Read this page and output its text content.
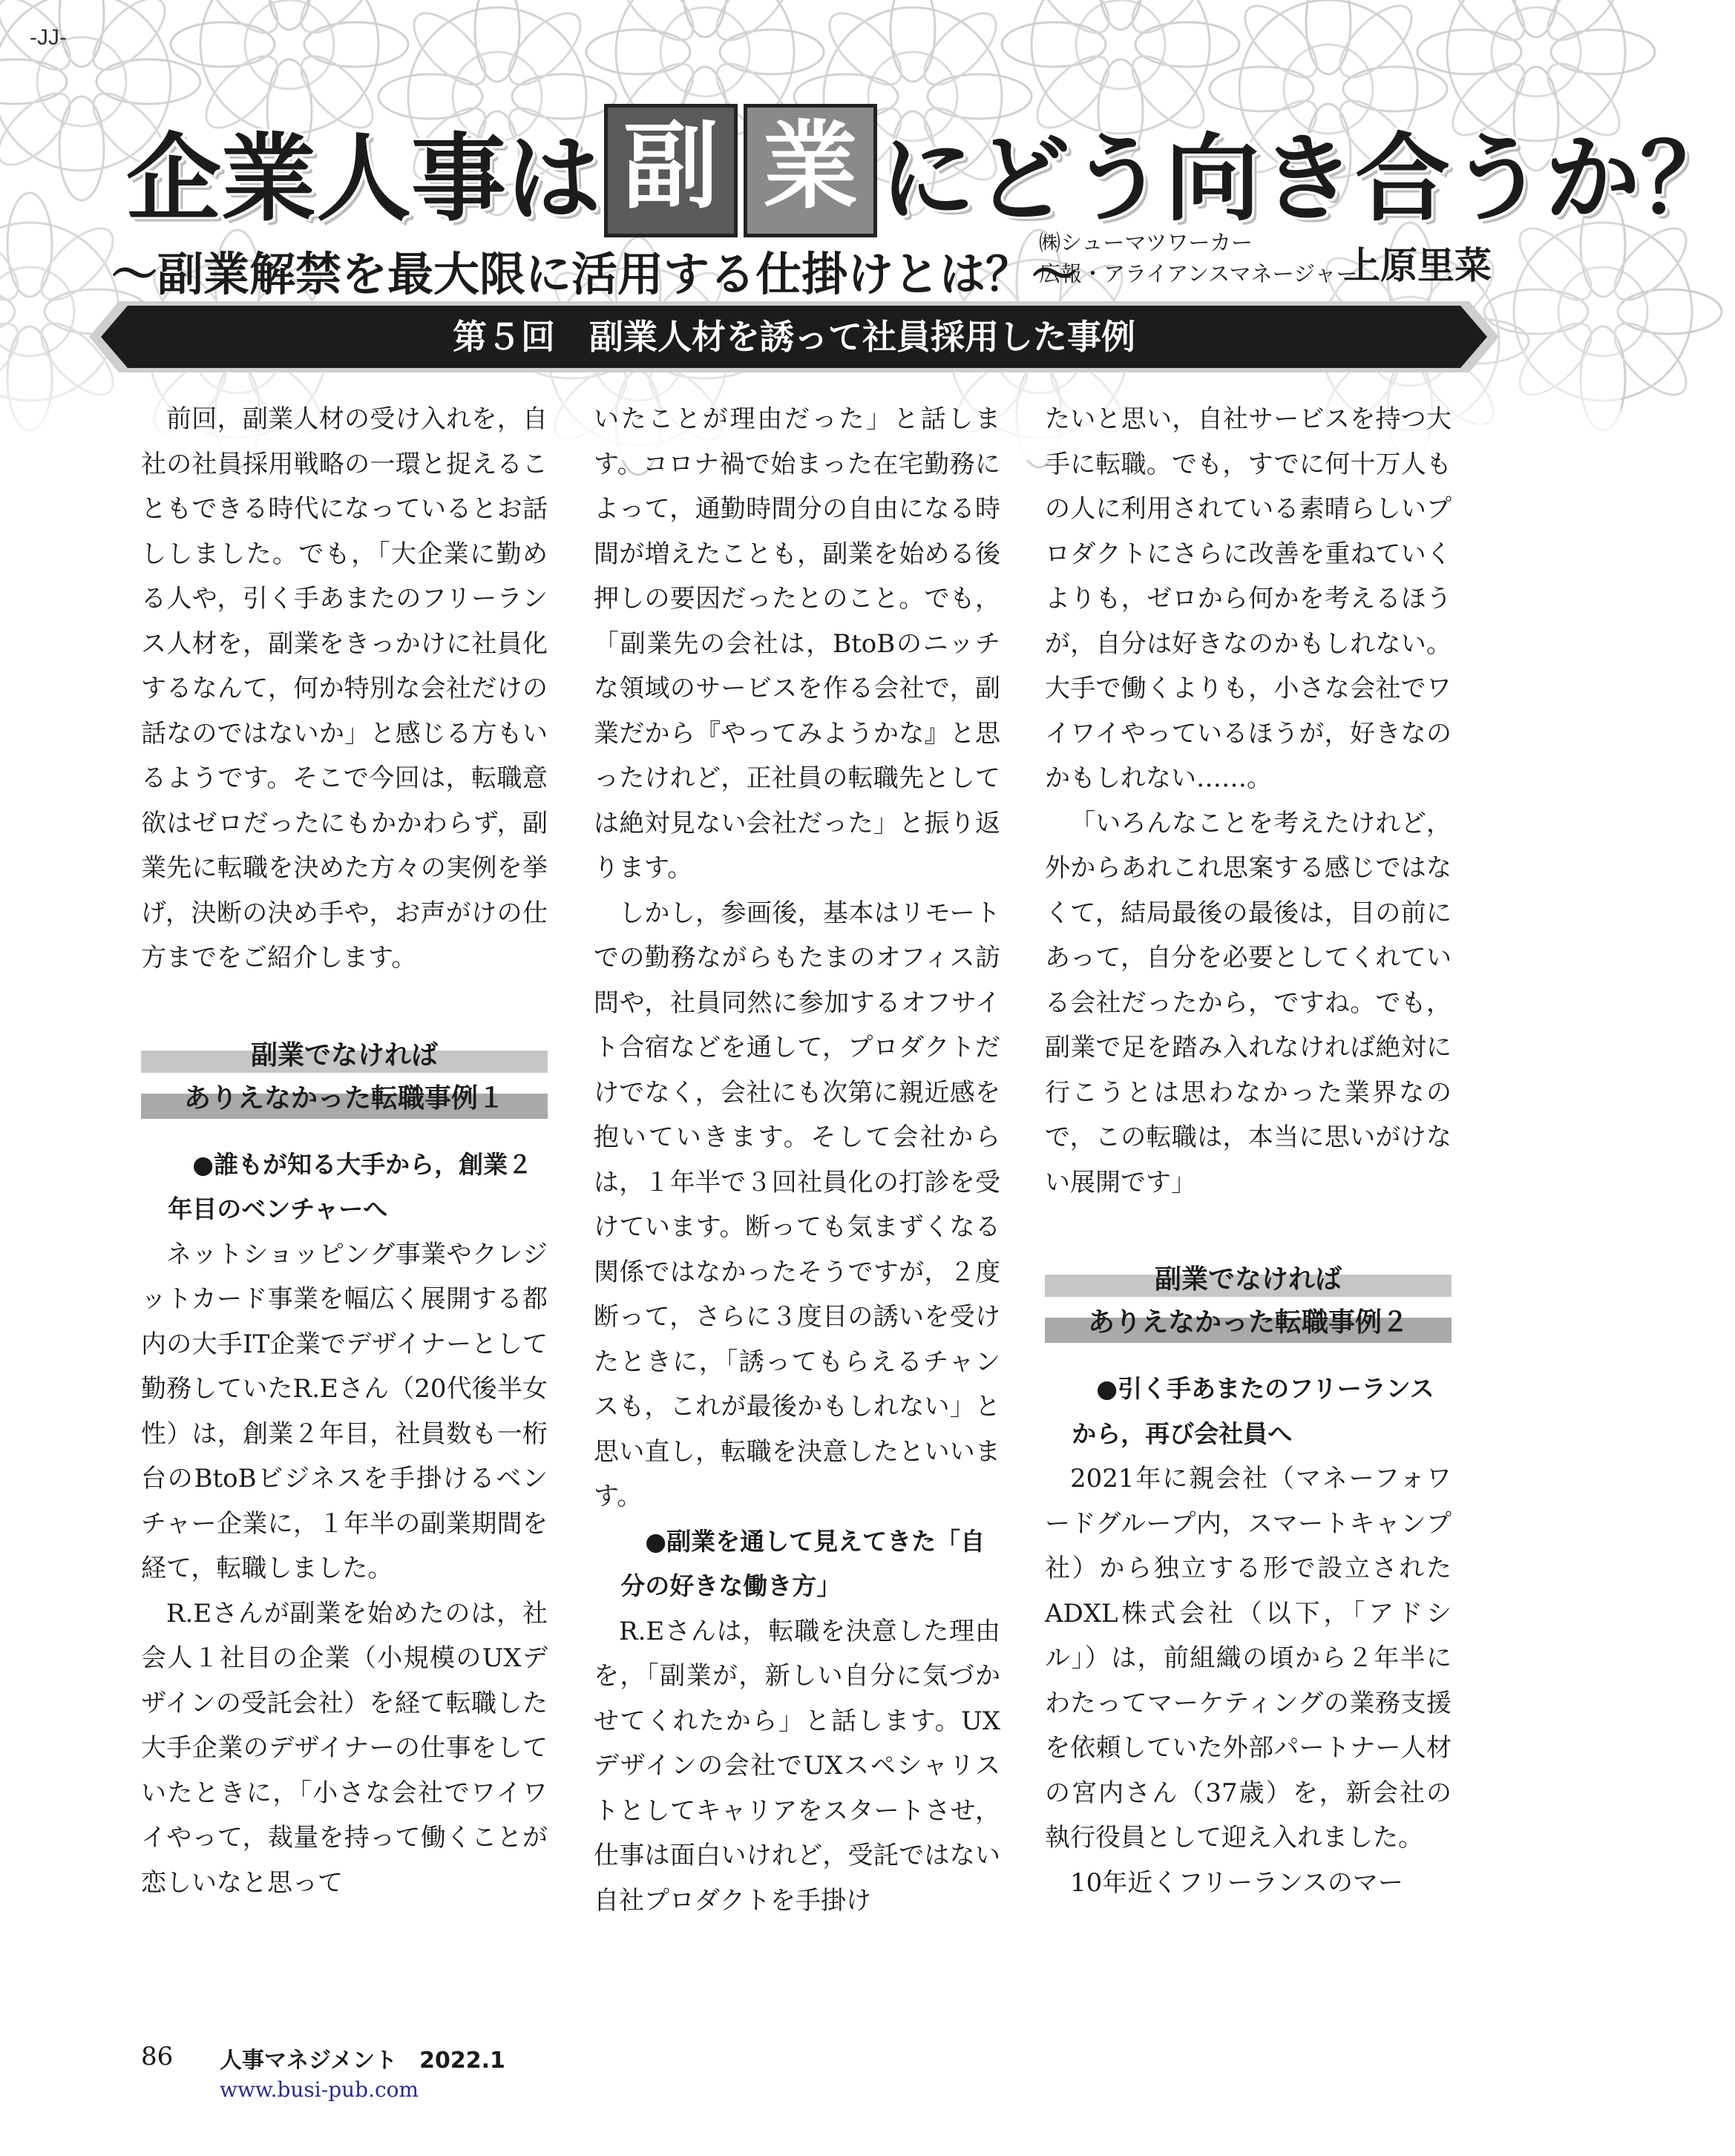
-JJ-
企業人事は 副 業 にどう向き合うか？
〜副業解禁を最大限に活用する仕掛けとは？〜
㈱シューマツワーカー
広報・アライアンスマネージャー
上原里菜
第５回　副業人材を誘って社員採用した事例

前回，副業人材の受け入れを，自社の社員採用戦略の一環と捉えることもできる時代になっているとお話ししました。でも，「大企業に勤める人や，引く手あまたのフリーランス人材を，副業をきっかけに社員化するなんて，何か特別な会社だけの話なのではないか」と感じる方もいるようです。そこで今回は，転職意欲はゼロだったにもかかわらず，副業先に転職を決めた方々の実例を挙げ，決断の決め手や，お声がけの仕方までをご紹介します。

副業でなければ
ありえなかった転職事例１

●誰もが知る大手から，創業２年目のベンチャーへ

ネットショッピング事業やクレジットカード事業を幅広く展開する都内の大手IT企業でデザイナーとして勤務していたR.Eさん（20代後半女性）は，創業２年目，社員数も一桁台のBtoBビジネスを手掛けるベンチャー企業に，１年半の副業期間を経て，転職しました。

R.Eさんが副業を始めたのは，社会人１社目の企業（小規模のUXデザインの受託会社）を経て転職した大手企業のデザイナーの仕事をしていたときに，「小さな会社でワイワイやって，裁量を持って働くことが恋しいなと思って

いたことが理由だった」と話します。コロナ禍で始まった在宅勤務によって，通勤時間分の自由になる時間が増えたことも，副業を始める後押しの要因だったとのこと。でも，「副業先の会社は，BtoBのニッチな領域のサービスを作る会社で，副業だから『やってみようかな』と思ったけれど，正社員の転職先としては絶対見ない会社だった」と振り返ります。

しかし，参画後，基本はリモートでの勤務ながらもたまのオフィス訪問や，社員同然に参加するオフサイト合宿などを通して，プロダクトだけでなく，会社にも次第に親近感を抱いていきます。そして会社からは，１年半で３回社員化の打診を受けています。断っても気まずくなる関係ではなかったそうですが，２度断って，さらに３度目の誘いを受けたときに，「誘ってもらえるチャンスも，これが最後かもしれない」と思い直し，転職を決意したといいます。

●副業を通して見えてきた「自分の好きな働き方」

R.Eさんは，転職を決意した理由を，「副業が，新しい自分に気づかせてくれたから」と話します。UXデザインの会社でUXスペシャリストとしてキャリアをスタートさせ，仕事は面白いけれど，受託ではない自社プロダクトを手掛け

たいと思い，自社サービスを持つ大手に転職。でも，すでに何十万人もの人に利用されている素晴らしいプロダクトにさらに改善を重ねていくよりも，ゼロから何かを考えるほうが，自分は好きなのかもしれない。大手で働くよりも，小さな会社でワイワイやっているほうが，好きなのかもしれない……。

「いろんなことを考えたけれど，外からあれこれ思案する感じではなくて，結局最後の最後は，目の前にあって，自分を必要としてくれている会社だったから，ですね。でも，副業で足を踏み入れなければ絶対に行こうとは思わなかった業界なので，この転職は，本当に思いがけない展開です」

副業でなければ
ありえなかった転職事例２

●引く手あまたのフリーランスから，再び会社員へ

2021年に親会社（マネーフォワードグループ内，スマートキャンプ社）から独立する形で設立されたADXL株式会社（以下，「アドシル」）は，前組織の頃から２年半にわたってマーケティングの業務支援を依頼していた外部パートナー人材の宮内さん（37歳）を，新会社の執行役員として迎え入れました。

10年近くフリーランスのマー

86 人事マネジメント　2022.1
www.busi-pub.com
